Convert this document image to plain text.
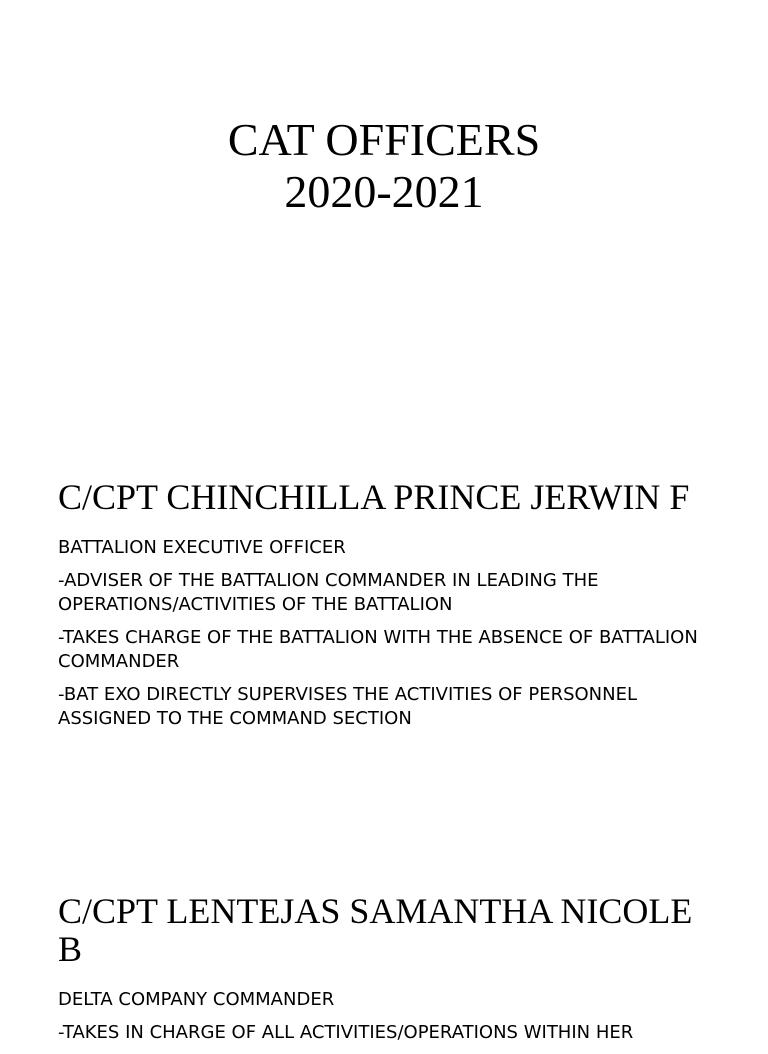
CAT OFFICERS
2020-2021
C/CPT CHINCHILLA PRINCE JERWIN F

BATTALION EXECUTIVE OFFICER

-ADVISER OF THE BATTALION COMMANDER IN LEADING THE OPERATIONS/ACTIVITIES OF THE BATTALION

-TAKES CHARGE OF THE BATTALION WITH THE ABSENCE OF BATTALION COMMANDER

-BAT EXO DIRECTLY SUPERVISES THE ACTIVITIES OF PERSONNEL ASSIGNED TO THE COMMAND SECTION

C/CPT LENTEJAS SAMANTHA NICOLE B

DELTA COMPANY COMMANDER

-TAKES IN CHARGE OF ALL ACTIVITIES/OPERATIONS WITHIN HER
